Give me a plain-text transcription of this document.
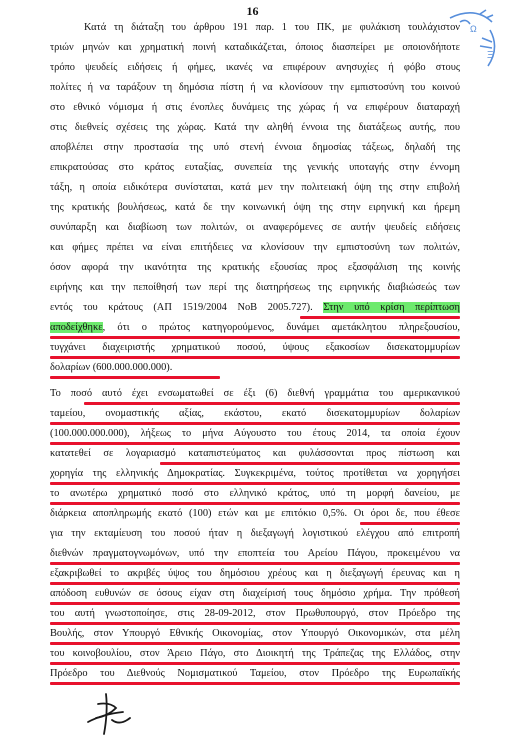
16
Ω
Ξ
Κατά τη διάταξη του άρθρου 191 παρ. 1 του ΠΚ, με φυλάκιση τουλάχιστον
τριών μηνών και χρηματική ποινή καταδικάζεται, όποιος διασπείρει με οποιονδήποτε
τρόπο ψευδείς ειδήσεις ή φήμες, ικανές να επιφέρουν ανησυχίες ή φόβο στους
πολίτες ή να ταράξουν τη δημόσια πίστη ή να κλονίσουν την εμπιστοσύνη του κοινού
στο εθνικό νόμισμα ή στις ένοπλες δυνάμεις της χώρας ή να επιφέρουν διαταραχή
στις διεθνείς σχέσεις της χώρας. Κατά την αληθή έννοια της διατάξεως αυτής, που
αποβλέπει στην προστασία της υπό στενή έννοια δημοσίας τάξεως, δηλαδή της
επικρατούσας στο κράτος ευταξίας, συνεπεία της γενικής υποταγής στην έννομη
τάξη, η οποία ειδικότερα συνίσταται, κατά μεν την πολιτειακή όψη της στην επιβολή
της κρατικής βουλήσεως, κατά δε την κοινωνική όψη της στην ειρηνική και ήρεμη
συνύπαρξη και διαβίωση των πολιτών, οι αναφερόμενες σε αυτήν ψευδείς ειδήσεις
και φήμες πρέπει να είναι επιτήδειες να κλονίσουν την εμπιστοσύνη των πολιτών,
όσον αφορά την ικανότητα της κρατικής εξουσίας προς εξασφάλιση της κοινής
ειρήνης και την πεποίθησή των περί της διατηρήσεως της ειρηνικής διαβιώσεώς των
εντός του κράτους (ΑΠ 1519/2004 ΝοΒ 2005.727). Στην υπό κρίση περίπτωση
αποδείχθηκε, ότι ο πρώτος κατηγορούμενος, δυνάμει αμετάκλητου πληρεξουσίου,
τυγχάνει διαχειριστής χρηματικού ποσού, ύψους εξακοσίων δισεκατομμυρίων
δολαρίων (600.000.000.000).
Το ποσό αυτό έχει ενσωματωθεί σε έξι (6) διεθνή γραμμάτια του αμερικανικού
ταμείου, ονομαστικής αξίας, εκάστου, εκατό δισεκατομμυρίων δολαρίων
(100.000.000.000), λήξεως το μήνα Αύγουστο του έτους 2014, τα οποία έχουν
κατατεθεί σε λογαριασμό καταπιστεύματος και φυλάσσονται προς πίστωση και
χορηγία της ελληνικής Δημοκρατίας. Συγκεκριμένα, τούτος προτίθεται να χορηγήσει
το ανωτέρω χρηματικό ποσό στο ελληνικό κράτος, υπό τη μορφή δανείου, με
διάρκεια αποπληρωμής εκατό (100) ετών και με επιτόκιο 0,5%. Οι όροι δε, που έθεσε
για την εκταμίευση του ποσού ήταν η διεξαγωγή λογιστικού ελέγχου από επιτροπή
διεθνών πραγματογνωμόνων, υπό την εποπτεία του Αρείου Πάγου, προκειμένου να
εξακριβωθεί το ακριβές ύψος του δημόσιου χρέους και η διεξαγωγή έρευνας και η
απόδοση ευθυνών σε όσους είχαν στη διαχείρισή τους δημόσιο χρήμα. Την πρόθεσή
του αυτή γνωστοποίησε, στις 28-09-2012, στον Πρωθυπουργό, στον Πρόεδρο της
Βουλής, στον Υπουργό Εθνικής Οικονομίας, στον Υπουργό Οικονομικών, στα μέλη
του κοινοβουλίου, στον Άρειο Πάγο, στο Διοικητή της Τράπεζας της Ελλάδος, στην
Πρόεδρο του Διεθνούς Νομισματικού Ταμείου, στον Πρόεδρο της Ευρωπαϊκής
